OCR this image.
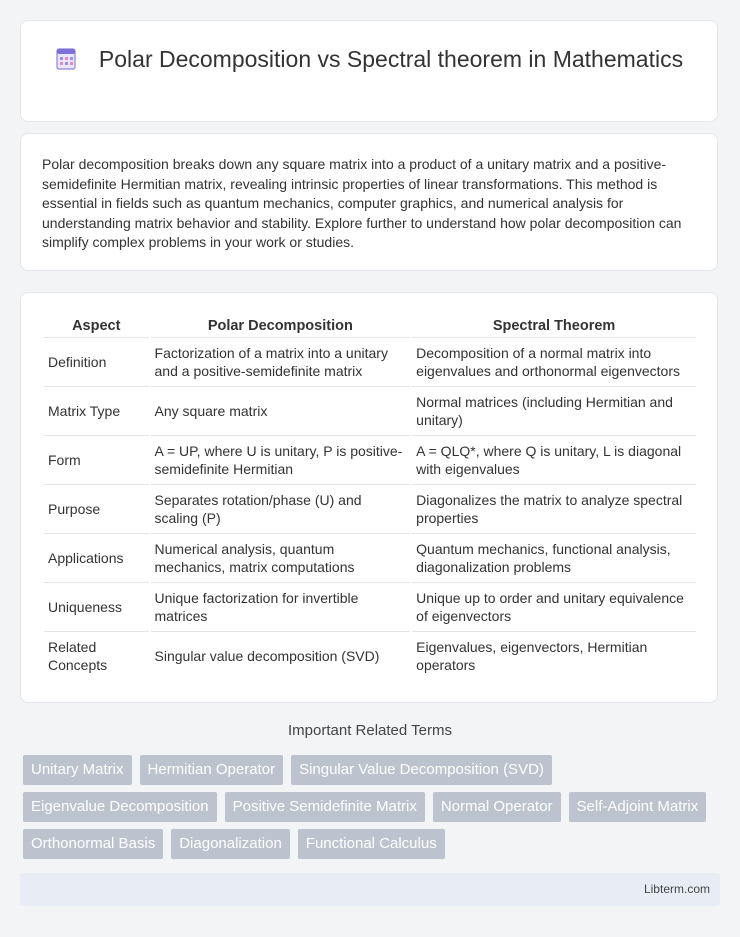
Polar Decomposition vs Spectral theorem in Mathematics

Polar decomposition breaks down any square matrix into a product of a unitary matrix and a positive-semidefinite Hermitian matrix, revealing intrinsic properties of linear transformations. This method is essential in fields such as quantum mechanics, computer graphics, and numerical analysis for understanding matrix behavior and stability. Explore further to understand how polar decomposition can simplify complex problems in your work or studies.

Aspect	Polar Decomposition	Spectral Theorem
Definition	Factorization of a matrix into a unitary and a positive-semidefinite matrix	Decomposition of a normal matrix into eigenvalues and orthonormal eigenvectors
Matrix Type	Any square matrix	Normal matrices (including Hermitian and unitary)
Form	A = UP, where U is unitary, P is positive-semidefinite Hermitian	A = QLQ*, where Q is unitary, L is diagonal with eigenvalues
Purpose	Separates rotation/phase (U) and scaling (P)	Diagonalizes the matrix to analyze spectral properties
Applications	Numerical analysis, quantum mechanics, matrix computations	Quantum mechanics, functional analysis, diagonalization problems
Uniqueness	Unique factorization for invertible matrices	Unique up to order and unitary equivalence of eigenvectors
Related Concepts	Singular value decomposition (SVD)	Eigenvalues, eigenvectors, Hermitian operators
Important Related Terms
Unitary Matrix	Hermitian Operator	Singular Value Decomposition (SVD)
Eigenvalue Decomposition	Positive Semidefinite Matrix	Normal Operator	Self-Adjoint Matrix
Orthonormal Basis	Diagonalization	Functional Calculus
Libterm.com
